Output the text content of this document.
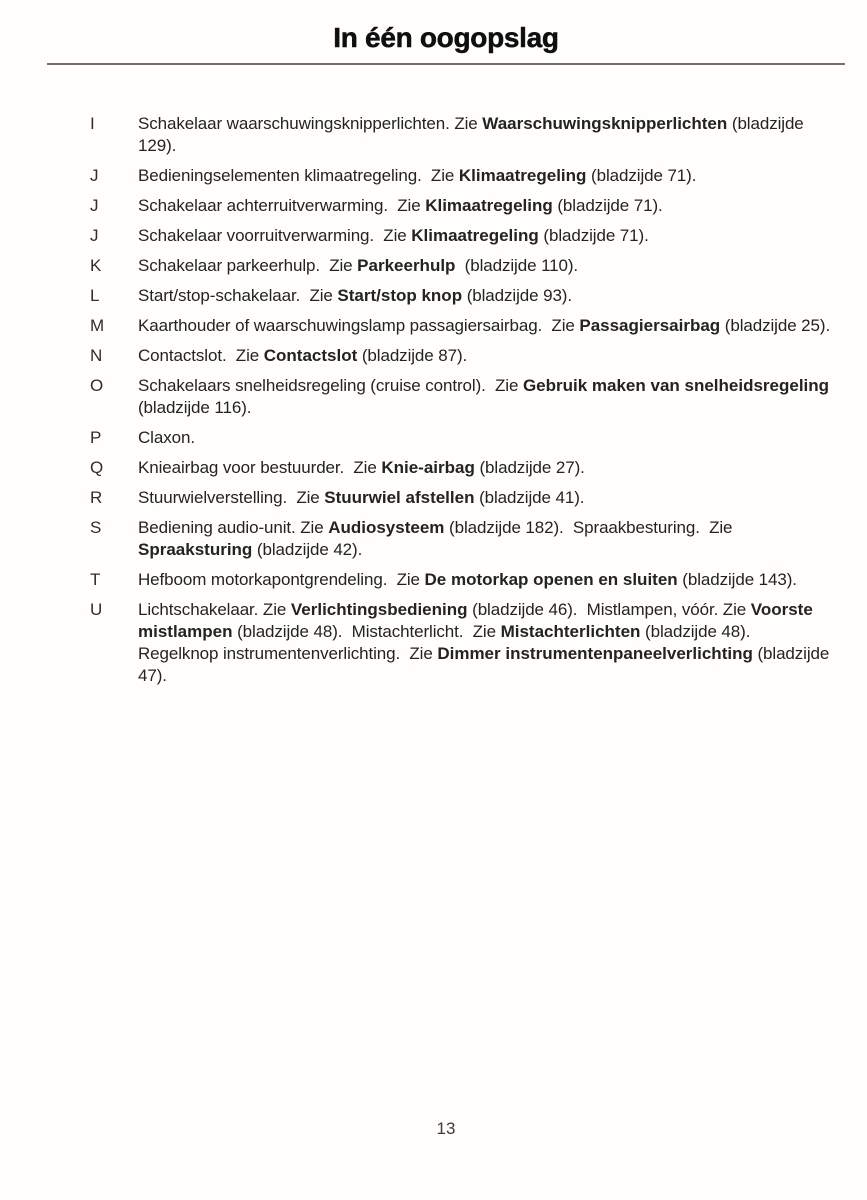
In één oogopslag
I	Schakelaar waarschuwingsknipperlichten. Zie Waarschuwingsknipperlichten (bladzijde 129).
J	Bedieningselementen klimaatregeling.  Zie Klimaatregeling (bladzijde 71).
J	Schakelaar achterruitverwarming.  Zie Klimaatregeling (bladzijde 71).
J	Schakelaar voorruitverwarming.  Zie Klimaatregeling (bladzijde 71).
K	Schakelaar parkeerhulp.  Zie Parkeerhulp  (bladzijde 110).
L	Start/stop-schakelaar.  Zie Start/stop knop (bladzijde 93).
M	Kaarthouder of waarschuwingslamp passagiersairbag.  Zie Passagiersairbag (bladzijde 25).
N	Contactslot.  Zie Contactslot (bladzijde 87).
O	Schakelaars snelheidsregeling (cruise control).  Zie Gebruik maken van snelheidsregeling (bladzijde 116).
P	Claxon.
Q	Knieairbag voor bestuurder.  Zie Knie-airbag (bladzijde 27).
R	Stuurwielverstelling.  Zie Stuurwiel afstellen (bladzijde 41).
S	Bediening audio-unit. Zie Audiosysteem (bladzijde 182).  Spraakbesturing.  Zie Spraaksturing (bladzijde 42).
T	Hefboom motorkapontgrendeling.  Zie De motorkap openen en sluiten (bladzijde 143).
U	Lichtschakelaar. Zie Verlichtingsbediening (bladzijde 46).  Mistlampen, vóór. Zie Voorste mistlampen (bladzijde 48).  Mistachterlicht.  Zie Mistachterlichten (bladzijde 48).  Regelknop instrumentenverlichting.  Zie Dimmer instrumentenpaneelverlichting (bladzijde 47).
13
